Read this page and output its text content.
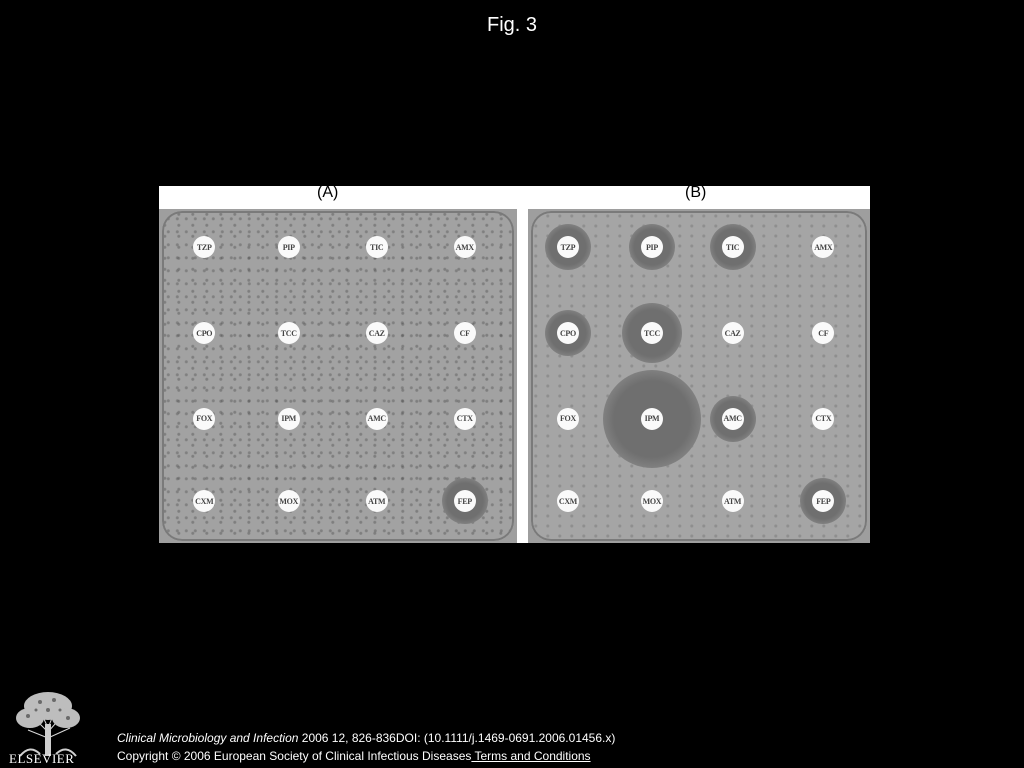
Fig. 3
(A)	(B)
TZP	PIP	TIC	AMX
CPO	TCC	CAZ	CF
FOX	IPM	AMC	CTX
CXM	MOX	ATM	FEP
TZP	PIP	TIC	AMX
CPO	TCC	CAZ	CF
FOX	IPM	AMC	CTX
CXM	MOX	ATM	FEP
ELSEVIER
Clinical Microbiology and Infection 2006 12, 826-836DOI: (10.1111/j.1469-0691.2006.01456.x)
Copyright © 2006 European Society of Clinical Infectious Diseases Terms and Conditions
